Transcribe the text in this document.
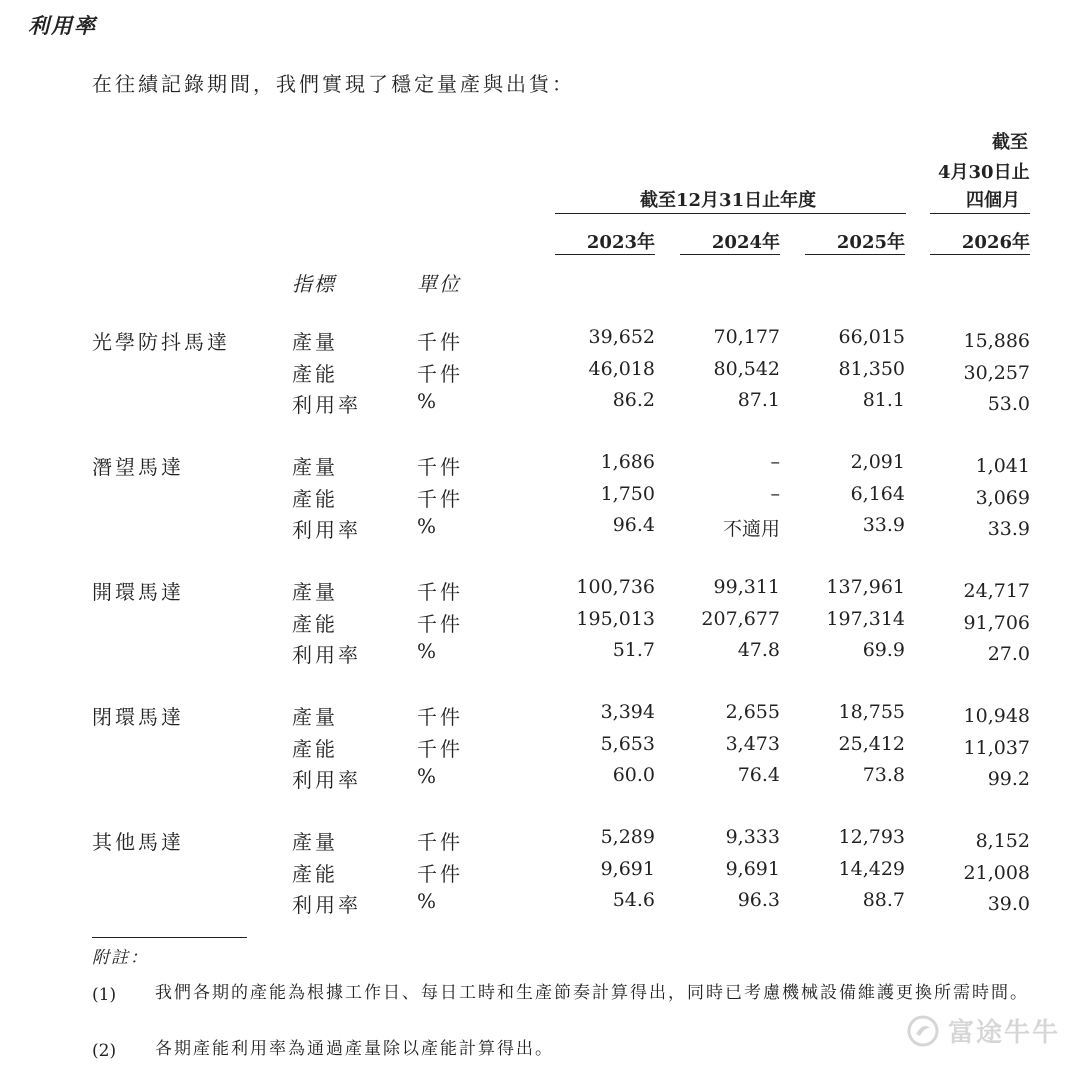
利用率
在往績記錄期間，我們實現了穩定量產與出貨：
截至12月31日止年度
截至
4月30日止
四個月
2023年	2024年	2025年	2026年
指標	單位
光學防抖馬達	產量	千件	39,652	70,177	66,015	15,886
產能	千件	46,018	80,542	81,350	30,257
利用率	%	86.2	87.1	81.1	53.0
潛望馬達	產量	千件	1,686	–	2,091	1,041
產能	千件	1,750	–	6,164	3,069
利用率	%	96.4	不適用	33.9	33.9
開環馬達	產量	千件	100,736	99,311	137,961	24,717
產能	千件	195,013	207,677	197,314	91,706
利用率	%	51.7	47.8	69.9	27.0
閉環馬達	產量	千件	3,394	2,655	18,755	10,948
產能	千件	5,653	3,473	25,412	11,037
利用率	%	60.0	76.4	73.8	99.2
其他馬達	產量	千件	5,289	9,333	12,793	8,152
產能	千件	9,691	9,691	14,429	21,008
利用率	%	54.6	96.3	88.7	39.0
附註：
(1) 我們各期的產能為根據工作日、每日工時和生產節奏計算得出，同時已考慮機械設備維護更換所需時間。
(2) 各期產能利用率為通過產量除以產能計算得出。
富途牛牛
